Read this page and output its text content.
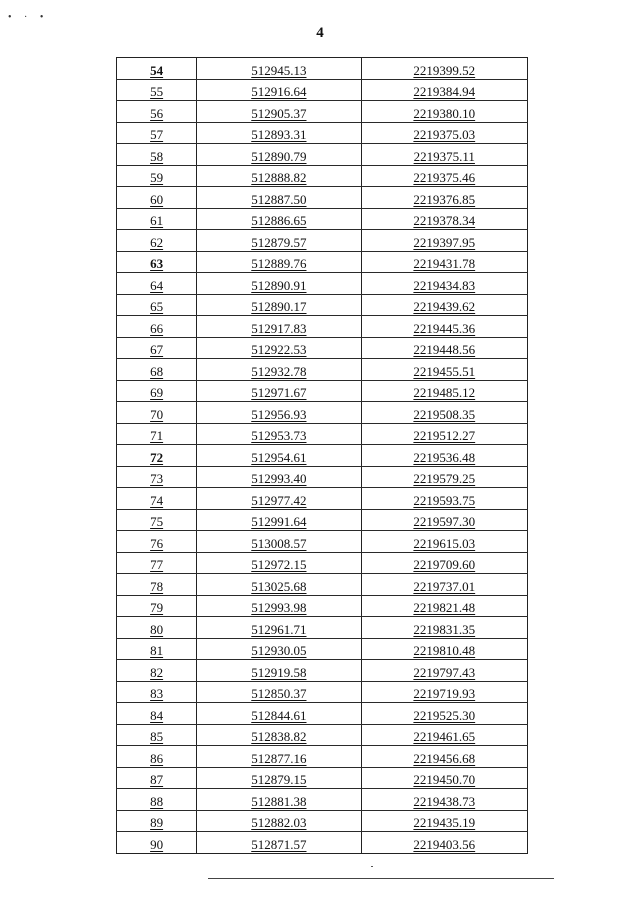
• · •
4
54	512945.13	2219399.52
55	512916.64	2219384.94
56	512905.37	2219380.10
57	512893.31	2219375.03
58	512890.79	2219375.11
59	512888.82	2219375.46
60	512887.50	2219376.85
61	512886.65	2219378.34
62	512879.57	2219397.95
63	512889.76	2219431.78
64	512890.91	2219434.83
65	512890.17	2219439.62
66	512917.83	2219445.36
67	512922.53	2219448.56
68	512932.78	2219455.51
69	512971.67	2219485.12
70	512956.93	2219508.35
71	512953.73	2219512.27
72	512954.61	2219536.48
73	512993.40	2219579.25
74	512977.42	2219593.75
75	512991.64	2219597.30
76	513008.57	2219615.03
77	512972.15	2219709.60
78	513025.68	2219737.01
79	512993.98	2219821.48
80	512961.71	2219831.35
81	512930.05	2219810.48
82	512919.58	2219797.43
83	512850.37	2219719.93
84	512844.61	2219525.30
85	512838.82	2219461.65
86	512877.16	2219456.68
87	512879.15	2219450.70
88	512881.38	2219438.73
89	512882.03	2219435.19
90	512871.57	2219403.56
